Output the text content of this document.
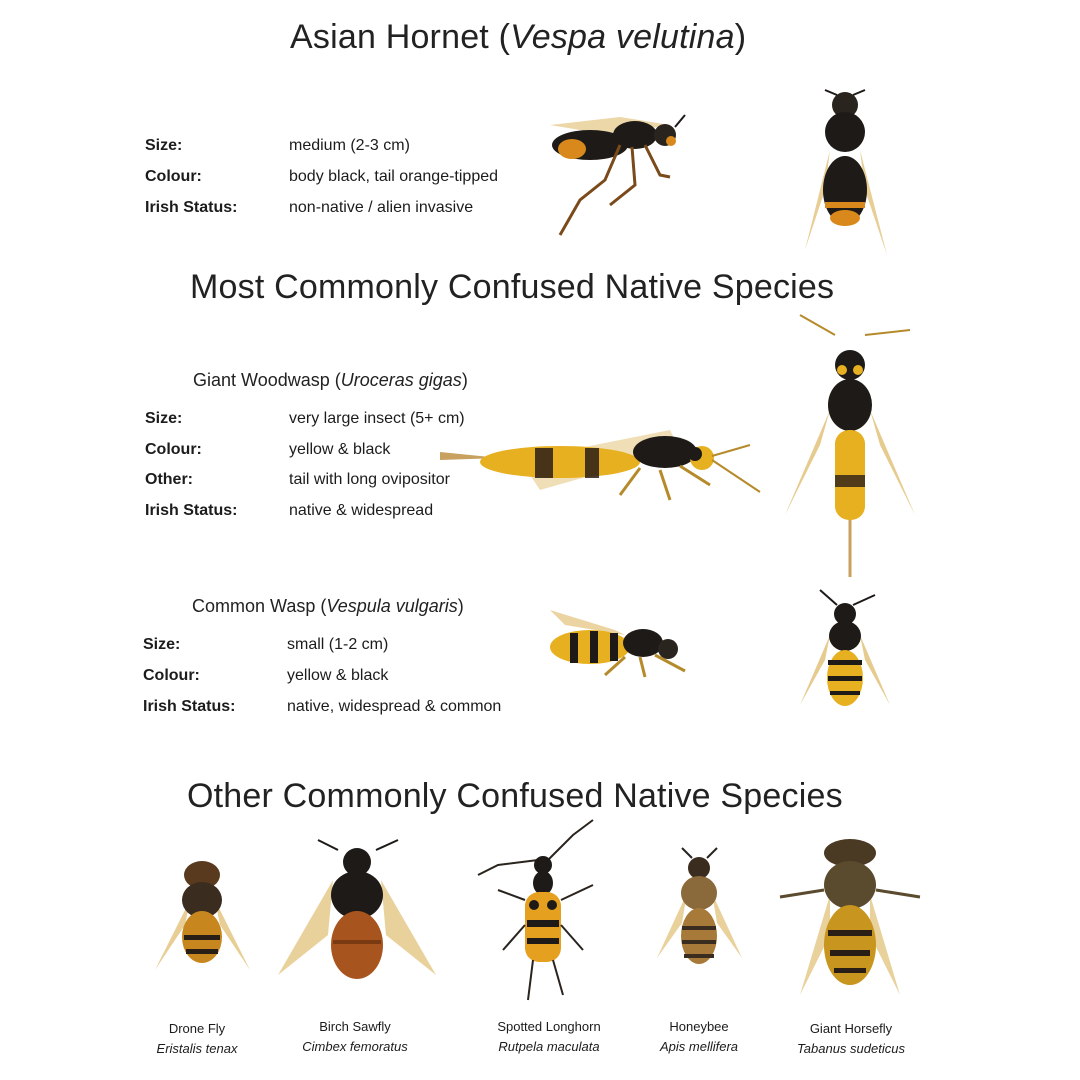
Asian Hornet (Vespa velutina)
Size:	medium (2-3 cm)
Colour:	body black, tail orange-tipped
Irish Status:	non-native / alien invasive
Most Commonly Confused Native Species
Giant Woodwasp (Uroceras gigas)
Size:	very large insect (5+ cm)
Colour:	yellow & black
Other:	tail with long ovipositor
Irish Status:	native & widespread
Common Wasp (Vespula vulgaris)
Size:	small (1-2 cm)
Colour:	yellow & black
Irish Status:	native, widespread & common
Other Commonly Confused Native Species
Drone Fly
Eristalis tenax
Birch Sawfly
Cimbex femoratus
Spotted Longhorn
Rutpela maculata
Honeybee
Apis mellifera
Giant Horsefly
Tabanus sudeticus
